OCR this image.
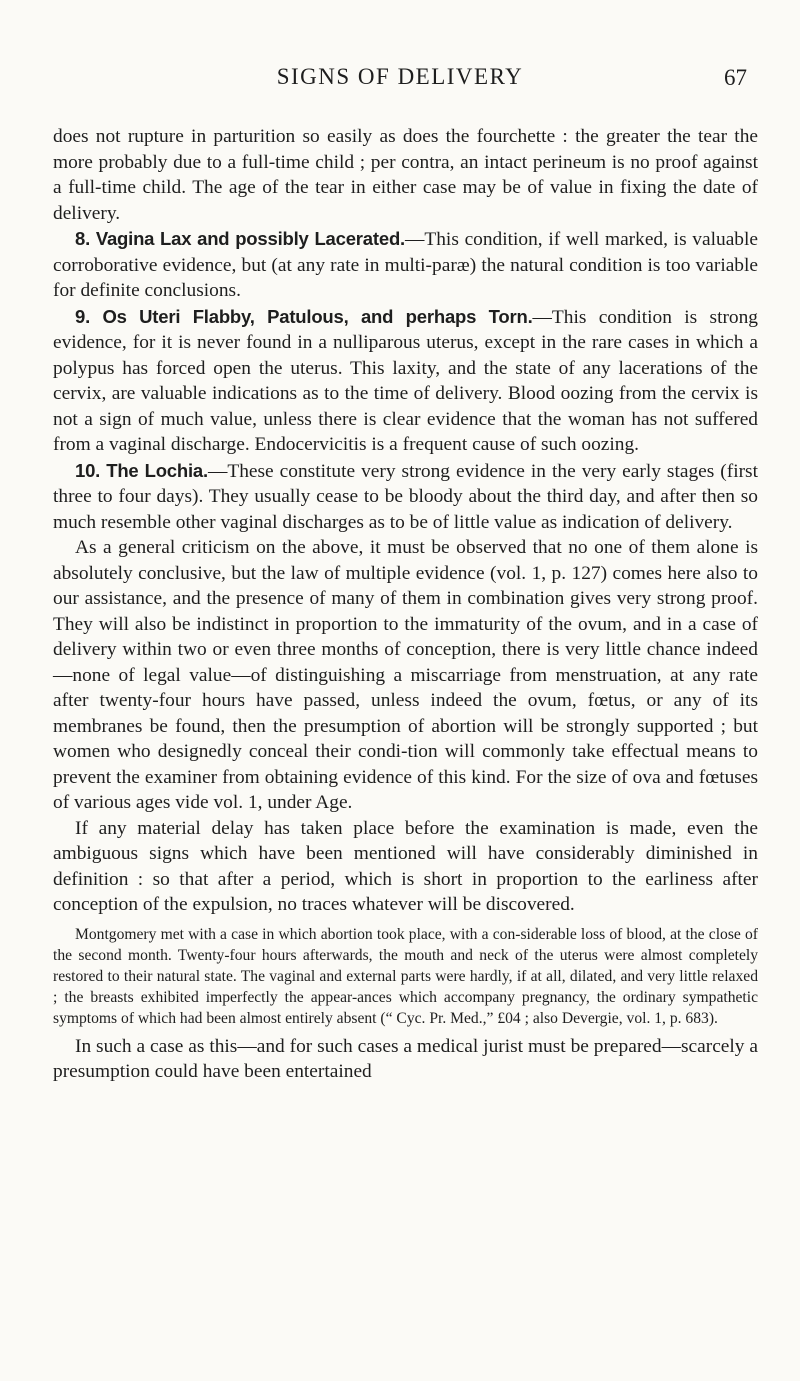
SIGNS OF DELIVERY	67

does not rupture in parturition so easily as does the fourchette : the greater the tear the more probably due to a full-time child ; per contra, an intact perineum is no proof against a full-time child. The age of the tear in either case may be of value in fixing the date of delivery.

8. Vagina Lax and possibly Lacerated.—This condition, if well marked, is valuable corroborative evidence, but (at any rate in multi-paræ) the natural condition is too variable for definite conclusions.

9. Os Uteri Flabby, Patulous, and perhaps Torn.—This condition is strong evidence, for it is never found in a nulliparous uterus, except in the rare cases in which a polypus has forced open the uterus. This laxity, and the state of any lacerations of the cervix, are valuable indications as to the time of delivery. Blood oozing from the cervix is not a sign of much value, unless there is clear evidence that the woman has not suffered from a vaginal discharge. Endocervicitis is a frequent cause of such oozing.

10. The Lochia.—These constitute very strong evidence in the very early stages (first three to four days). They usually cease to be bloody about the third day, and after then so much resemble other vaginal discharges as to be of little value as indication of delivery.

As a general criticism on the above, it must be observed that no one of them alone is absolutely conclusive, but the law of multiple evidence (vol. 1, p. 127) comes here also to our assistance, and the presence of many of them in combination gives very strong proof. They will also be indistinct in proportion to the immaturity of the ovum, and in a case of delivery within two or even three months of conception, there is very little chance indeed—none of legal value—of distinguishing a miscarriage from menstruation, at any rate after twenty-four hours have passed, unless indeed the ovum, fœtus, or any of its membranes be found, then the presumption of abortion will be strongly supported ; but women who designedly conceal their condi-tion will commonly take effectual means to prevent the examiner from obtaining evidence of this kind. For the size of ova and fœtuses of various ages vide vol. 1, under Age.

If any material delay has taken place before the examination is made, even the ambiguous signs which have been mentioned will have considerably diminished in definition : so that after a period, which is short in proportion to the earliness after conception of the expulsion, no traces whatever will be discovered.

Montgomery met with a case in which abortion took place, with a con-siderable loss of blood, at the close of the second month. Twenty-four hours afterwards, the mouth and neck of the uterus were almost completely restored to their natural state. The vaginal and external parts were hardly, if at all, dilated, and very little relaxed ; the breasts exhibited imperfectly the appear-ances which accompany pregnancy, the ordinary sympathetic symptoms of which had been almost entirely absent (“ Cyc. Pr. Med.,” £04 ; also Devergie, vol. 1, p. 683).

In such a case as this—and for such cases a medical jurist must be prepared—scarcely a presumption could have been entertained
